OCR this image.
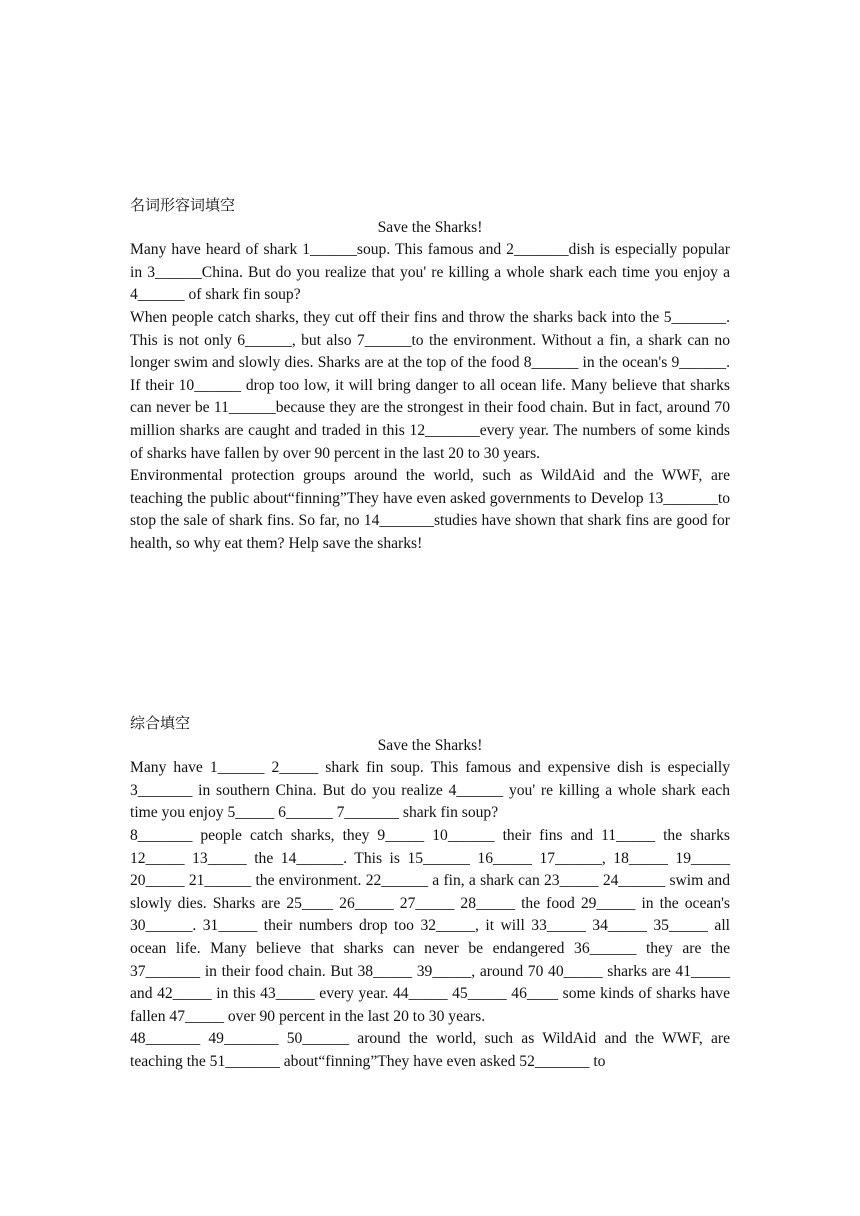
名词形容词填空
Save the Sharks!
Many have heard of shark 1______soup. This famous and 2_______dish is especially popular in 3______China. But do you realize that you' re killing a whole shark each time you enjoy a 4______ of shark fin soup?
When people catch sharks, they cut off their fins and throw the sharks back into the 5_______. This is not only 6______, but also 7______to the environment. Without a fin, a shark can no longer swim and slowly dies. Sharks are at the top of the food 8______ in the ocean's 9______. If their 10______ drop too low, it will bring danger to all ocean life. Many believe that sharks can never be 11______because they are the strongest in their food chain. But in fact, around 70 million sharks are caught and traded in this 12_______every year. The numbers of some kinds of sharks have fallen by over 90 percent in the last 20 to 30 years.
Environmental protection groups around the world, such as WildAid and the WWF, are teaching the public about“finning”They have even asked governments to Develop 13_______to stop the sale of shark fins. So far, no 14_______studies have shown that shark fins are good for health, so why eat them? Help save the sharks!
综合填空
Save the Sharks!
Many have 1______ 2_____ shark fin soup. This famous and expensive dish is especially 3_______ in southern China. But do you realize 4______ you' re killing a whole shark each time you enjoy 5_____ 6______ 7_______ shark fin soup?
8_______ people catch sharks, they 9_____ 10______ their fins and 11_____ the sharks 12_____ 13_____ the 14______. This is 15______ 16_____ 17______, 18_____ 19_____ 20_____ 21______ the environment. 22______ a fin, a shark can 23_____ 24______ swim and slowly dies. Sharks are 25____ 26_____ 27_____ 28_____ the food 29_____ in the ocean's 30______. 31_____ their numbers drop too 32_____, it will 33_____ 34_____ 35_____ all ocean life. Many believe that sharks can never be endangered 36______ they are the 37_______ in their food chain. But 38_____ 39_____, around 70 40_____ sharks are 41_____ and 42_____ in this 43_____ every year. 44_____ 45_____ 46____ some kinds of sharks have fallen 47_____ over 90 percent in the last 20 to 30 years.
48_______ 49_______ 50______ around the world, such as WildAid and the WWF, are teaching the 51_______ about“finning”They have even asked 52_______ to
